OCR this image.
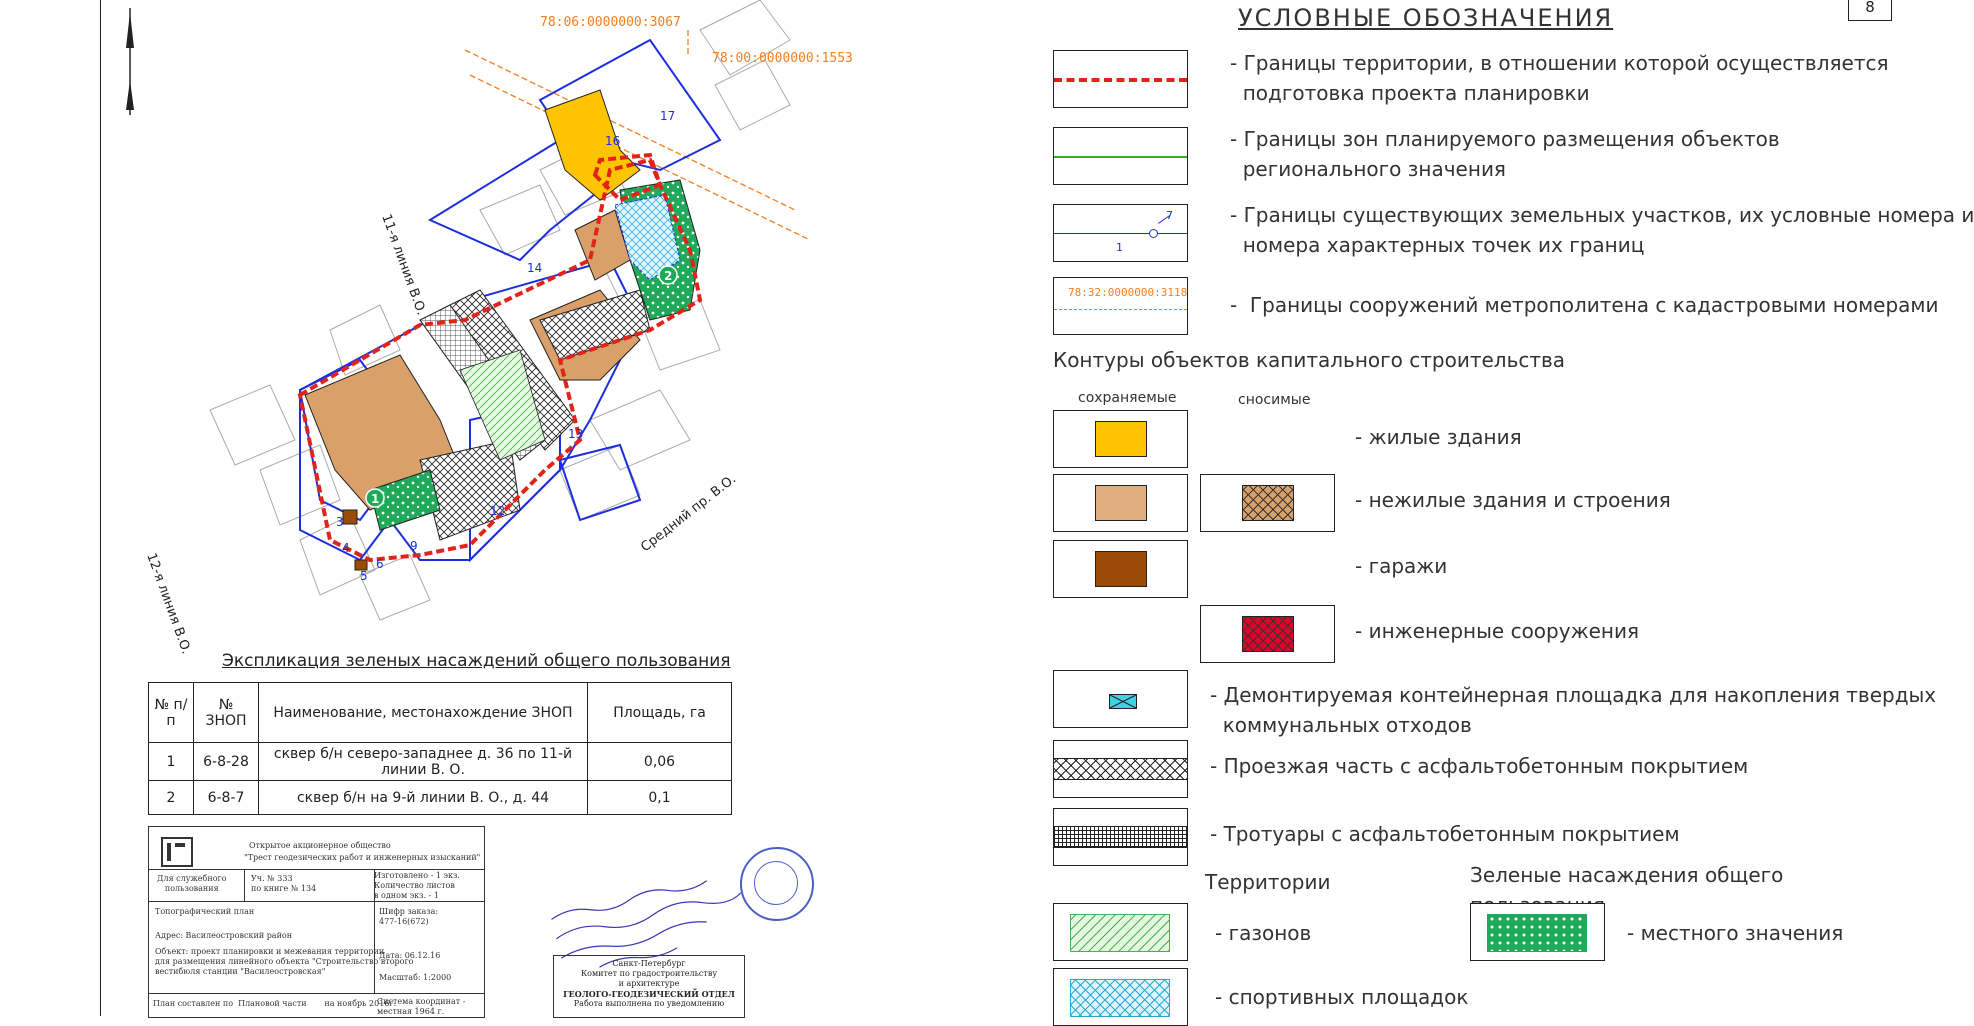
78:06:0000000:3067
78:00:0000000:1553
1
2
16
17
14
13
12
9
6
5
4
3
11-я линия В.О.
12-я линия В.О.
Средний пр. В.О.
Экспликация зеленых насаждений общего пользования
№ п/п	№ ЗНОП	Наименование, местонахождение ЗНОП	Площадь, га
1	6-8-28	сквер б/н северо-западнее д. 36 по 11-й линии В. О.	0,06
2	6-8-7	сквер б/н на 9-й линии В. О., д. 44	0,1
Открытое акционерное общество
"Трест геодезических работ и инженерных изысканий"
Для служебного
пользования
Уч. № 333
по книге № 134
Изготовлено - 1 экз.
Количество листов
в одном экз. - 1
Топографический план	Шифр заказа:
477-16(672)
Адрес: Василеостровский район
Объект: проект планировки и межевания территории
для размещения линейного объекта "Строительство второго
вестибюля станции "Василеостровская"
Дата: 06.12.16
Масштаб: 1:2000
План составлен по  Плановой части       на ноябрь 2016г.
Система координат -
местная 1964 г.
Санкт-Петербург
Комитет по градостроительству
и архитектуре
ГЕОЛОГО-ГЕОДЕЗИЧЕСКИЙ ОТДЕЛ
Работа выполнена по уведомлению
8
УСЛОВНЫЕ ОБОЗНАЧЕНИЯ
- Границы территории, в отношении которой осуществляется
подготовка проекта планировки
- Границы зон планируемого размещения объектов
регионального значения
7
1
- Границы существующих земельных участков, их условные номера и
номера характерных точек их границ
78:32:0000000:3118
-  Границы сооружений метрополитена с кадастровыми номерами
Контуры объектов капитального строительства
сохраняемые	сносимые
- жилые здания
- нежилые здания и строения
- гаражи
- инженерные сооружения
- Демонтируемая контейнерная площадка для накопления твердых
коммунальных отходов
- Проезжая часть с асфальтобетонным покрытием
- Тротуары с асфальтобетонным покрытием
Территории	Зеленые насаждения общего
- газонов	- местного значения
- спортивных площадок
